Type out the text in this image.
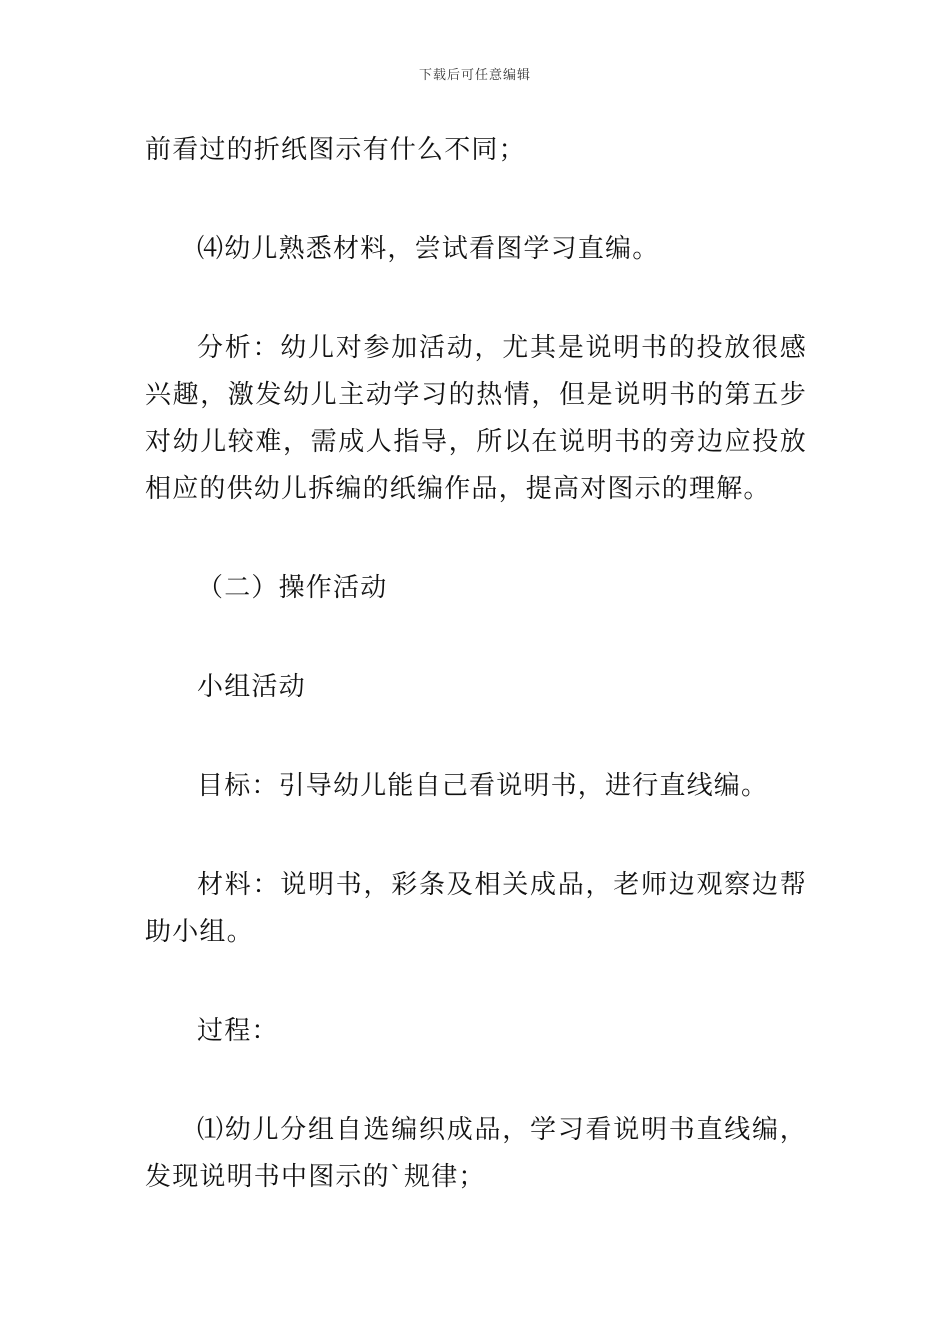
下载后可任意编辑

前看过的折纸图示有什么不同；

⑷幼儿熟悉材料，尝试看图学习直编。

分析：幼儿对参加活动，尤其是说明书的投放很感兴趣，激发幼儿主动学习的热情，但是说明书的第五步对幼儿较难，需成人指导，所以在说明书的旁边应投放相应的供幼儿拆编的纸编作品，提高对图示的理解。

（二）操作活动

小组活动

目标：引导幼儿能自己看说明书，进行直线编。

材料：说明书，彩条及相关成品，老师边观察边帮助小组。

过程：

⑴幼儿分组自选编织成品，学习看说明书直线编，发现说明书中图示的`规律；
